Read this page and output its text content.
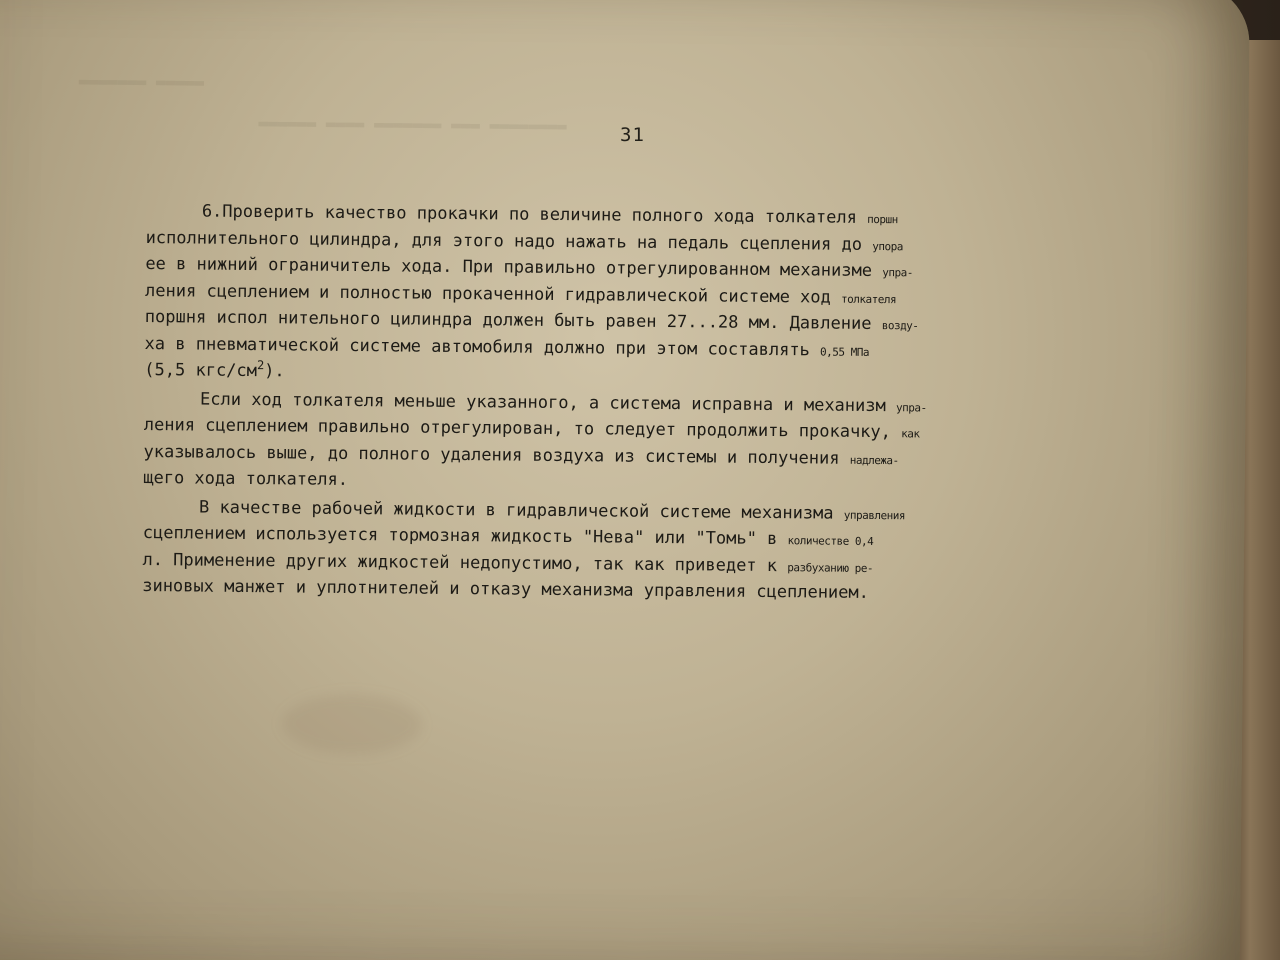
▬▬▬▬▬▬ ▬▬▬▬ ▬▬▬▬▬▬▬ ▬▬▬ ▬▬▬▬▬▬▬▬
▬▬▬▬▬▬▬ ▬▬▬▬▬
31
6.Проверить качество прокачки по величине полного хода толкателя поршн
исполнительного цилиндра, для этого надо нажать на педаль сцепления до упора
ее в нижний ограничитель хода. При правильно отрегулированном механизме упра-
ления сцеплением и полностью прокаченной гидравлической системе ход толкателя
поршня испол нительного цилиндра должен быть равен 27...28 мм. Давление возду-
ха в пневматической системе автомобиля должно при этом составлять 0,55 МПа
(5,5 кгс/$см^2$).
Если ход толкателя меньше указанного, а система исправна и механизм упра-
ления сцеплением правильно отрегулирован, то следует продолжить прокачку, как
указывалось выше, до полного удаления воздуха из системы и получения надлежа-
щего хода толкателя.
В качестве рабочей жидкости в гидравлической системе механизма управления
сцеплением используется тормозная жидкость "Нева" или "Томь" в количестве 0,4
л. Применение других жидкостей недопустимо, так как приведет к разбуханию ре-
зиновых манжет и уплотнителей и отказу механизма управления сцеплением.
